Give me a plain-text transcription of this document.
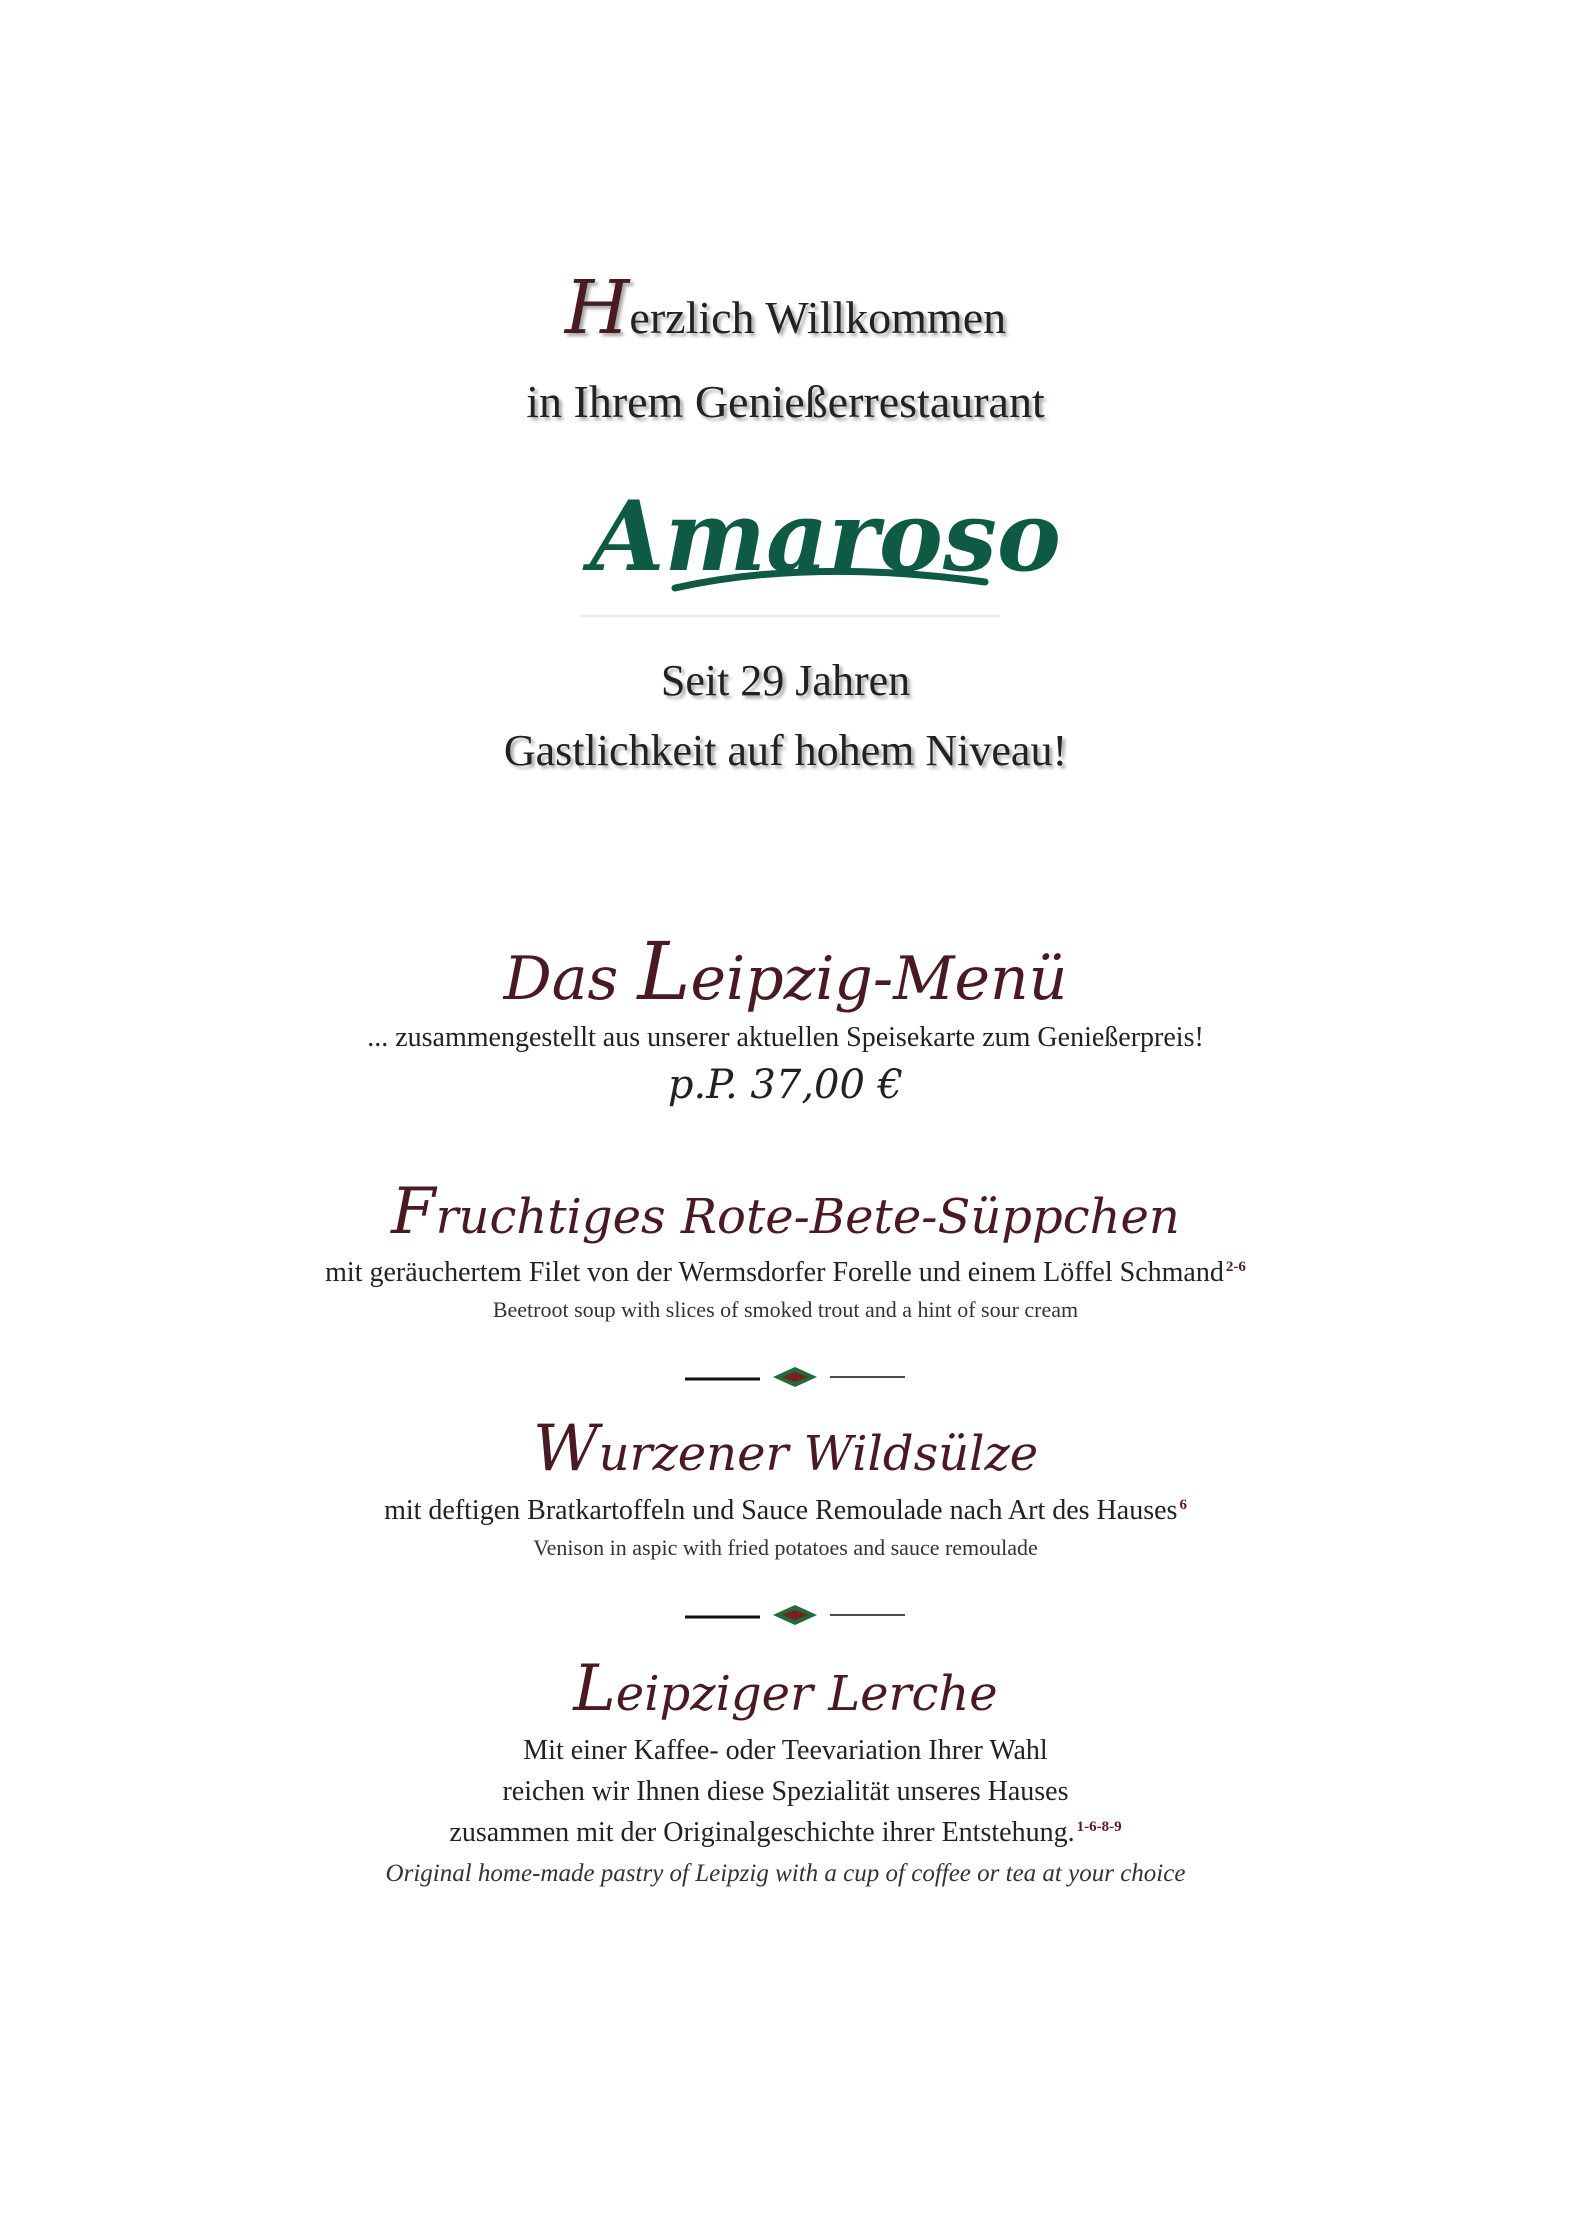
Herzlich Willkommen
in Ihrem Genießerrestaurant
Amaroso
Seit 29 Jahren
Gastlichkeit auf hohem Niveau!
Das Leipzig-Menü
... zusammengestellt aus unserer aktuellen Speisekarte zum Genießerpreis!
p.P. 37,00 €
Fruchtiges Rote-Bete-Süppchen
mit geräuchertem Filet von der Wermsdorfer Forelle und einem Löffel Schmand $^{2-6}$
Beetroot soup with slices of smoked trout and a hint of sour cream
Wurzener Wildsülze
mit deftigen Bratkartoffeln und Sauce Remoulade nach Art des Hauses $^6$
Venison in aspic with fried potatoes and sauce remoulade
Leipziger Lerche
Mit einer Kaffee- oder Teevariation Ihrer Wahl
reichen wir Ihnen diese Spezialität unseres Hauses
zusammen mit der Originalgeschichte ihrer Entstehung. $^{1-6-8-9}$
Original home-made pastry of Leipzig with a cup of coffee or tea at your choice
